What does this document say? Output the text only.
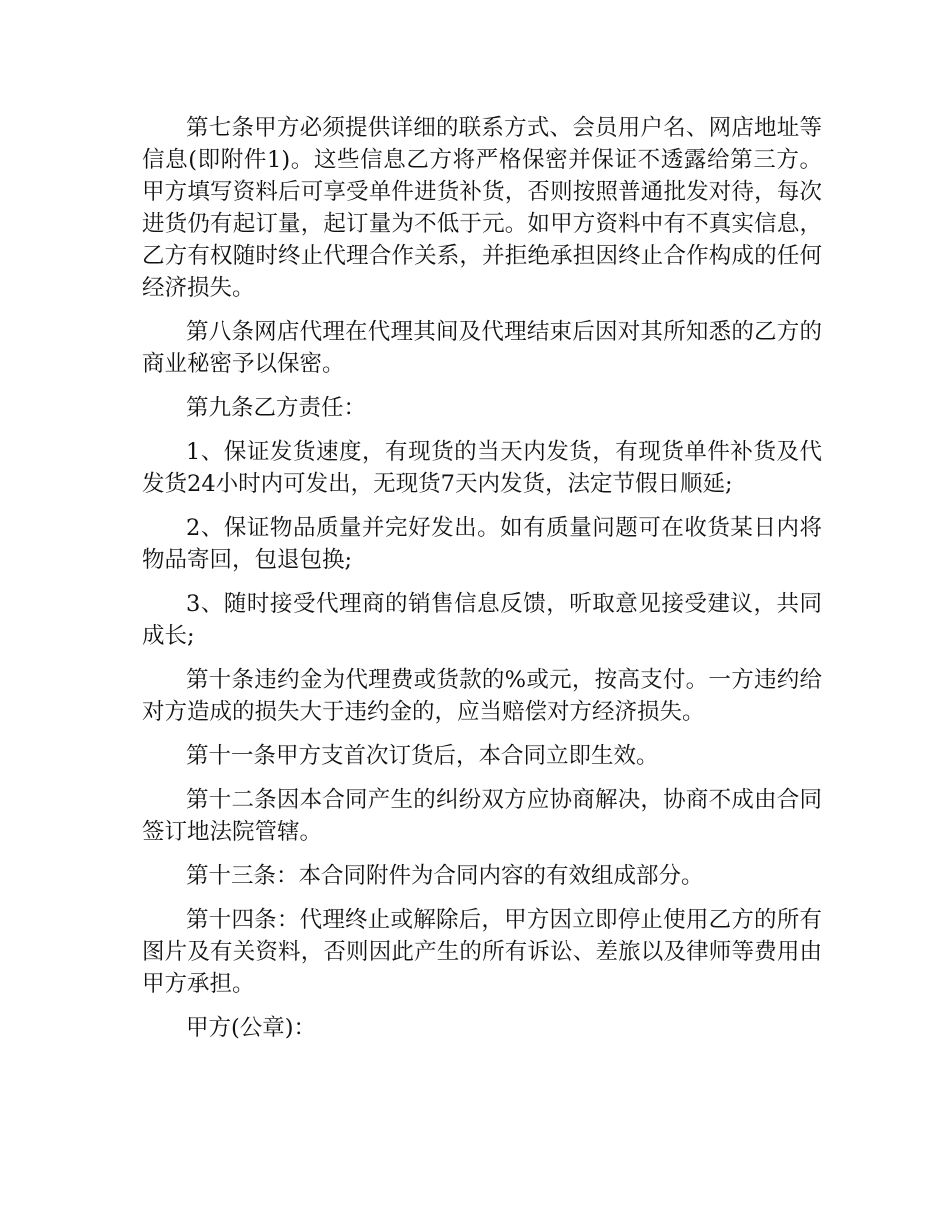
第七条甲方必须提供详细的联系方式、会员用户名、网店地址等信息(即附件1)。这些信息乙方将严格保密并保证不透露给第三方。甲方填写资料后可享受单件进货补货，否则按照普通批发对待，每次进货仍有起订量，起订量为不低于元。如甲方资料中有不真实信息，乙方有权随时终止代理合作关系，并拒绝承担因终止合作构成的任何经济损失。

第八条网店代理在代理其间及代理结束后因对其所知悉的乙方的商业秘密予以保密。

第九条乙方责任：

1、保证发货速度，有现货的当天内发货，有现货单件补货及代发货24小时内可发出，无现货7天内发货，法定节假日顺延;

2、保证物品质量并完好发出。如有质量问题可在收货某日内将物品寄回，包退包换;

3、随时接受代理商的销售信息反馈，听取意见接受建议，共同成长;

第十条违约金为代理费或货款的%或元，按高支付。一方违约给对方造成的损失大于违约金的，应当赔偿对方经济损失。

第十一条甲方支首次订货后，本合同立即生效。

第十二条因本合同产生的纠纷双方应协商解决，协商不成由合同签订地法院管辖。

第十三条：本合同附件为合同内容的有效组成部分。

第十四条：代理终止或解除后，甲方因立即停止使用乙方的所有图片及有关资料，否则因此产生的所有诉讼、差旅以及律师等费用由甲方承担。

甲方(公章)：
